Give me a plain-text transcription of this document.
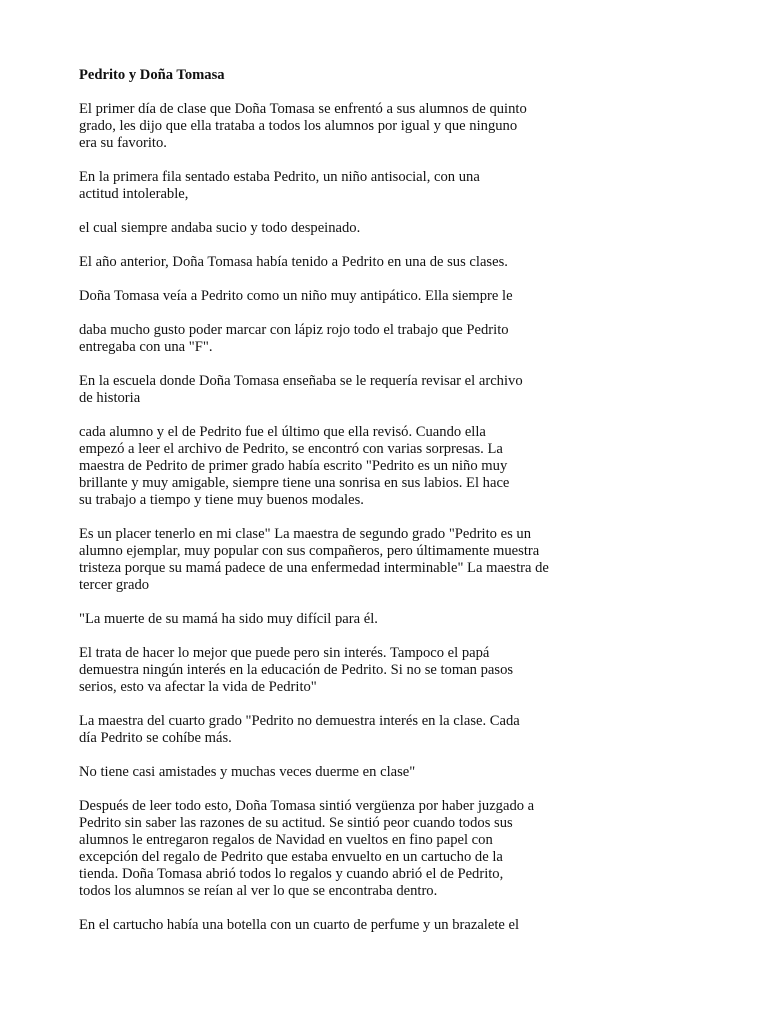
Pedrito y Doña Tomasa
El primer día de clase que Doña Tomasa se enfrentó a sus alumnos de quinto
grado, les dijo que ella trataba a todos los alumnos por igual y que ninguno
era su favorito.
En la primera fila sentado estaba Pedrito, un niño antisocial, con una
actitud intolerable,
el cual siempre andaba sucio y todo despeinado.
El año anterior, Doña Tomasa había tenido a Pedrito en una de sus clases.
Doña Tomasa veía a Pedrito como un niño muy antipático. Ella siempre le
daba mucho gusto poder marcar con lápiz rojo todo el trabajo que Pedrito
entregaba con una "F".
En la escuela donde Doña Tomasa enseñaba se le requería revisar el archivo
de historia
cada alumno y el de Pedrito fue el último que ella revisó. Cuando ella
empezó a leer el archivo de Pedrito, se encontró con varias sorpresas. La
maestra de Pedrito de primer grado había escrito "Pedrito es un niño muy
brillante y muy amigable, siempre tiene una sonrisa en sus labios. El hace
su trabajo a tiempo y tiene muy buenos modales.
Es un placer tenerlo en mi clase" La maestra de segundo grado "Pedrito es un
alumno ejemplar, muy popular con sus compañeros, pero últimamente muestra
tristeza porque su mamá padece de una enfermedad interminable" La maestra de
tercer grado
"La muerte de su mamá ha sido muy difícil para él.
El trata de hacer lo mejor que puede pero sin interés. Tampoco el papá
demuestra ningún interés en la educación de Pedrito. Si no se toman pasos
serios, esto va afectar la vida de Pedrito"
La maestra del cuarto grado "Pedrito no demuestra interés en la clase. Cada
día Pedrito se cohíbe más.
No tiene casi amistades y muchas veces duerme en clase"
Después de leer todo esto, Doña Tomasa sintió vergüenza por haber juzgado a
Pedrito sin saber las razones de su actitud. Se sintió peor cuando todos sus
alumnos le entregaron regalos de Navidad en vueltos en fino papel con
excepción del regalo de Pedrito que estaba envuelto en un cartucho de la
tienda. Doña Tomasa abrió todos lo regalos y cuando abrió el de Pedrito,
todos los alumnos se reían al ver lo que se encontraba dentro.
En el cartucho había una botella con un cuarto de perfume y un brazalete el
